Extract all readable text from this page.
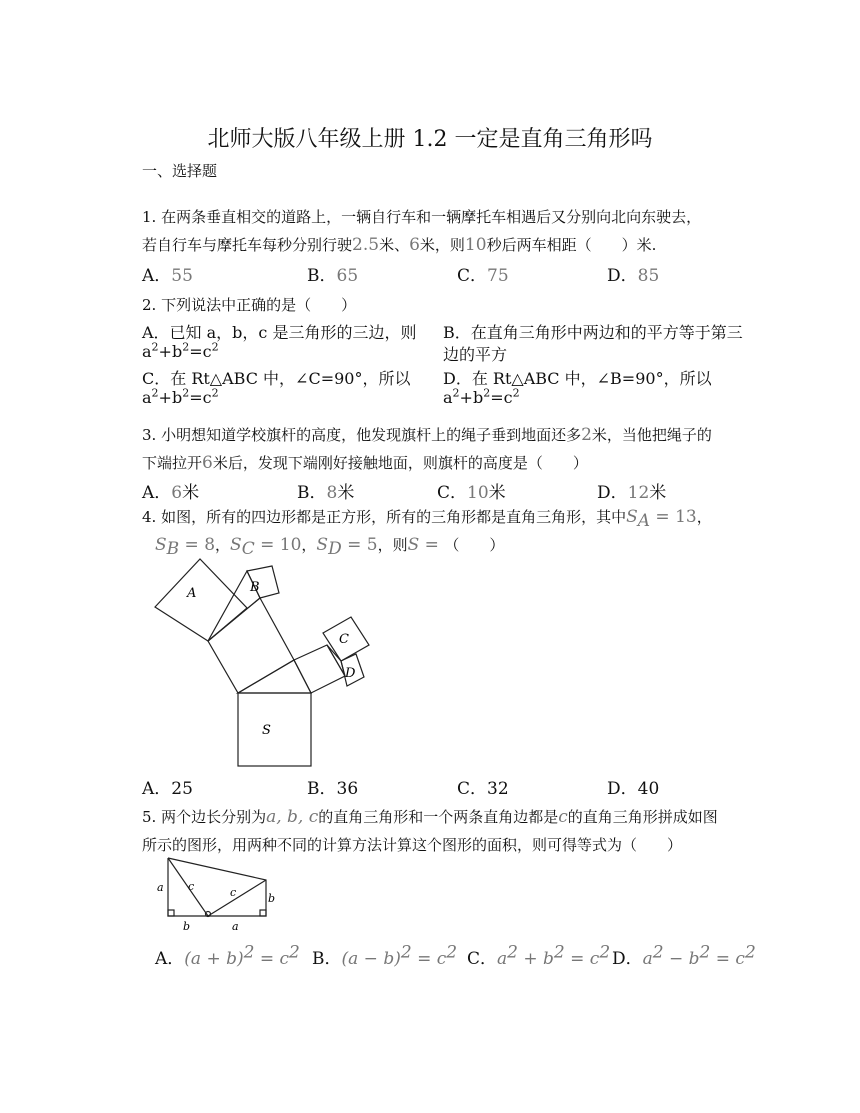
北师大版八年级上册 1.2 一定是直角三角形吗
一、选择题
1. 在两条垂直相交的道路上，一辆自行车和一辆摩托车相遇后又分别向北向东驶去，
若自行车与摩托车每秒分别行驶2.5米、6米，则10秒后两车相距（　　）米.
A．55	B．65	C．75	D．85
2. 下列说法中正确的是（　　）
A．已知 a，b，c 是三角形的三边，则
$a^2+b^2=c^2$
B．在直角三角形中两边和的平方等于第三
边的平方
C．在 Rt△ABC 中，∠C=90°，所以
$a^2+b^2=c^2$
D．在 Rt△ABC 中，∠B=90°，所以
$a^2+b^2=c^2$
3. 小明想知道学校旗杆的高度，他发现旗杆上的绳子垂到地面还多2米，当他把绳子的
下端拉开6米后，发现下端刚好接触地面，则旗杆的高度是（　　）
A．6米	B．8米	C．10米	D．12米
4. 如图，所有的四边形都是正方形，所有的三角形都是直角三角形，其中$S_A = 13$，
$S_B = 8$，$S_C = 10$，$S_D = 5$，则S = （　　）
A	B
C
D
S
A．25	B．36	C．32	D．40
5. 两个边长分别为a, b, c的直角三角形和一个两条直角边都是c的直角三角形拼成如图
所示的图形，用两种不同的计算方法计算这个图形的面积，则可得等式为（　　）
a c	c
b	a
b
A．$(a + b)^2 = c^2$ B．$(a - b)^2 = c^2$ C．$a^2 + b^2 = c^2$ D．$a^2 - b^2 = c^2$
